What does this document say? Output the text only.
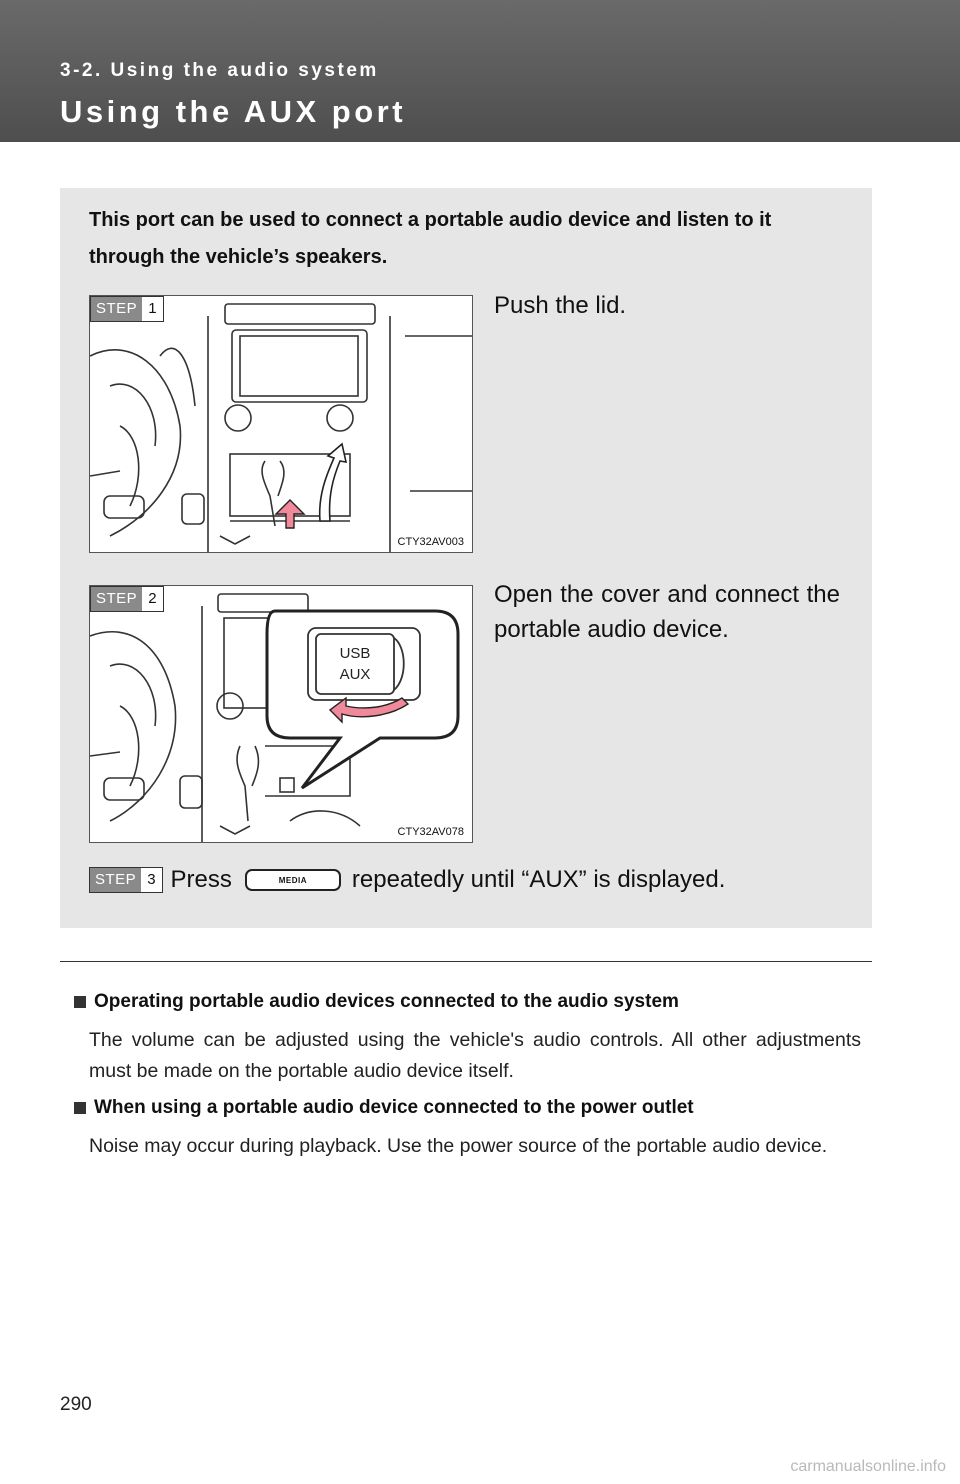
3-2. Using the audio system
Using the AUX port
This port can be used to connect a portable audio device and listen to it through the vehicle’s speakers.
STEP 1
CTY32AV003
Push the lid.
STEP 2
USB
AUX
CTY32AV078
Open the cover and connect the portable audio device.
STEP 3 Press	MEDIA	repeatedly until “AUX” is displayed.
Operating portable audio devices connected to the audio system
The volume can be adjusted using the vehicle's audio controls. All other adjustments must be made on the portable audio device itself.
When using a portable audio device connected to the power outlet
Noise may occur during playback. Use the power source of the portable audio device.
290
carmanualsonline.info
